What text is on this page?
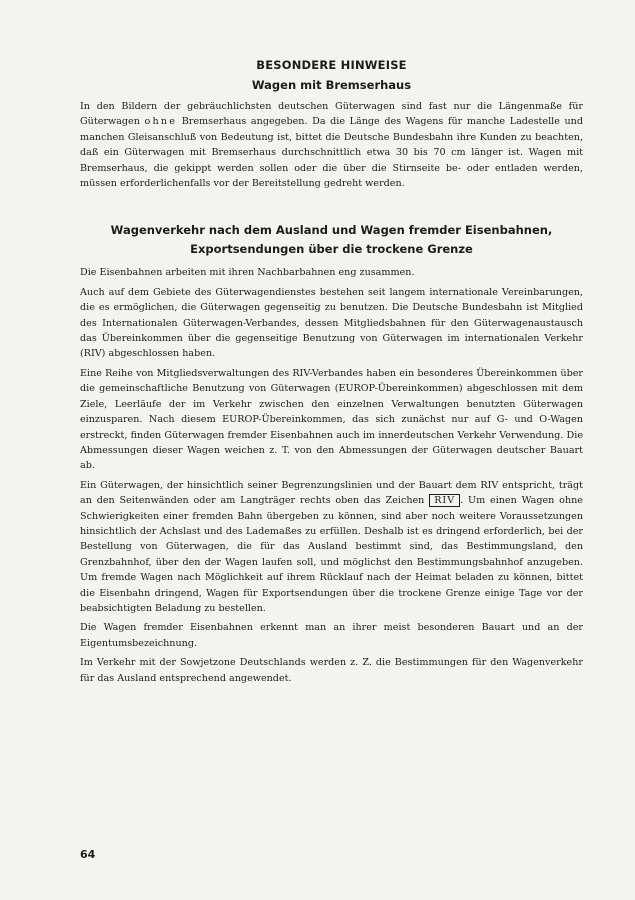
BESONDERE HINWEISE
Wagen mit Bremserhaus

In den Bildern der gebräuchlichsten deutschen Güterwagen sind fast nur die Längenmaße für Güterwagen ohne Bremserhaus angegeben. Da die Länge des Wagens für manche Ladestelle und manchen Gleisanschluß von Bedeutung ist, bittet die Deutsche Bundesbahn ihre Kunden zu beachten, daß ein Güterwagen mit Bremserhaus durchschnittlich etwa 30 bis 70 cm länger ist. Wagen mit Bremserhaus, die gekippt werden sollen oder die über die Stirnseite be- oder entladen werden, müssen erforderlichenfalls vor der Bereitstellung gedreht werden.

Wagenverkehr nach dem Ausland und Wagen fremder Eisenbahnen,
Exportsendungen über die trockene Grenze

Die Eisenbahnen arbeiten mit ihren Nachbarbahnen eng zusammen.

Auch auf dem Gebiete des Güterwagendienstes bestehen seit langem internationale Vereinbarungen, die es ermöglichen, die Güterwagen gegenseitig zu benutzen. Die Deutsche Bundesbahn ist Mitglied des Internationalen Güterwagen-Verbandes, dessen Mitgliedsbahnen für den Güterwagenaustausch das Übereinkommen über die gegenseitige Benutzung von Güterwagen im internationalen Verkehr (RIV) abgeschlossen haben.

Eine Reihe von Mitgliedsverwaltungen des RIV-Verbandes haben ein besonderes Übereinkommen über die gemeinschaftliche Benutzung von Güterwagen (EUROP-Übereinkommen) abgeschlossen mit dem Ziele, Leerläufe der im Verkehr zwischen den einzelnen Verwaltungen benutzten Güterwagen einzusparen. Nach diesem EUROP-Übereinkommen, das sich zunächst nur auf G- und O-Wagen erstreckt, finden Güterwagen fremder Eisenbahnen auch im innerdeutschen Verkehr Verwendung. Die Abmessungen dieser Wagen weichen z. T. von den Abmessungen der Güterwagen deutscher Bauart ab.

Ein Güterwagen, der hinsichtlich seiner Begrenzungslinien und der Bauart dem RIV entspricht, trägt an den Seitenwänden oder am Langträger rechts oben das Zeichen RIV . Um einen Wagen ohne Schwierigkeiten einer fremden Bahn übergeben zu können, sind aber noch weitere Voraussetzungen hinsichtlich der Achslast und des Lademaßes zu erfüllen. Deshalb ist es dringend erforderlich, bei der Bestellung von Güterwagen, die für das Ausland bestimmt sind, das Bestimmungsland, den Grenzbahnhof, über den der Wagen laufen soll, und möglichst den Bestimmungsbahnhof anzugeben. Um fremde Wagen nach Möglichkeit auf ihrem Rücklauf nach der Heimat beladen zu können, bittet die Eisenbahn dringend, Wagen für Exportsendungen über die trockene Grenze einige Tage vor der beabsichtigten Beladung zu bestellen.

Die Wagen fremder Eisenbahnen erkennt man an ihrer meist besonderen Bauart und an der Eigentumsbezeichnung.

Im Verkehr mit der Sowjetzone Deutschlands werden z. Z. die Bestimmungen für den Wagenverkehr für das Ausland entsprechend angewendet.

64
